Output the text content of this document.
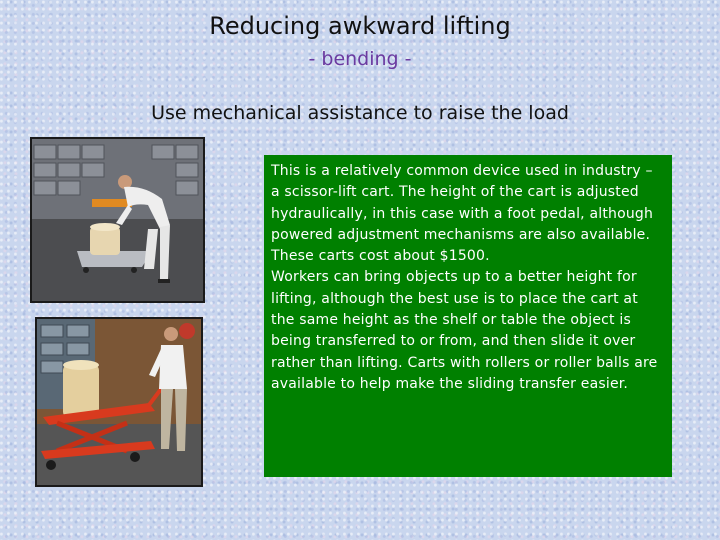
Reducing awkward lifting
- bending -
Use mechanical assistance to raise the load

This is a relatively common device used in industry – a scissor-lift cart. The height of the cart is adjusted hydraulically, in this case with a foot pedal, although powered adjustment mechanisms are also available.

These carts cost about $1500.

Workers can bring objects up to a better height for lifting, although the best use is to place the cart at the same height as the shelf or table the object is being transferred to or from, and then slide it over rather than lifting. Carts with rollers or roller balls are available to help make the sliding transfer easier.
